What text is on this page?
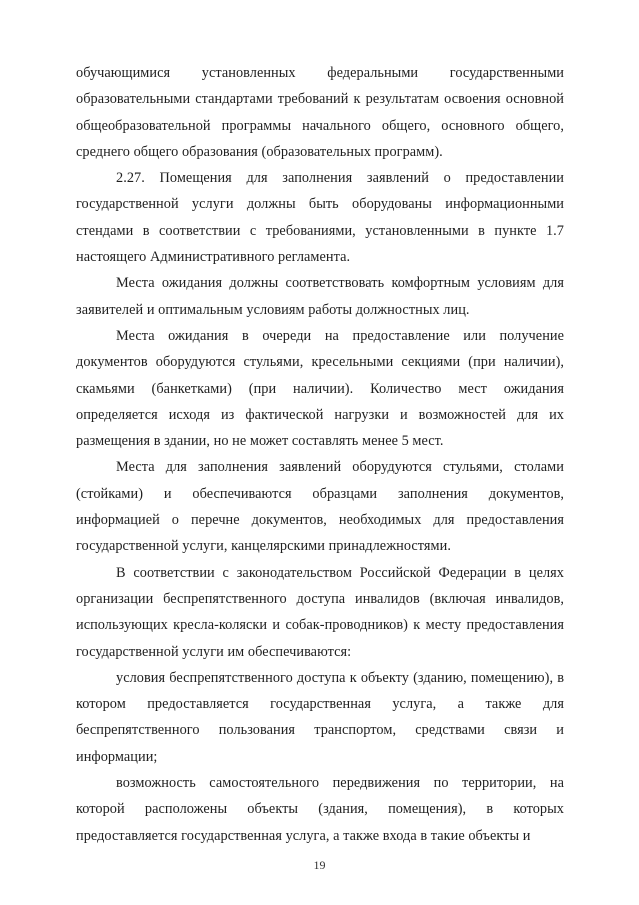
обучающимися установленных федеральными государственными образовательными стандартами требований к результатам освоения основной общеобразовательной программы начального общего, основного общего, среднего общего образования (образовательных программ).

2.27. Помещения для заполнения заявлений о предоставлении государственной услуги должны быть оборудованы информационными стендами в соответствии с требованиями, установленными в пункте 1.7 настоящего Административного регламента.

Места ожидания должны соответствовать комфортным условиям для заявителей и оптимальным условиям работы должностных лиц.

Места ожидания в очереди на предоставление или получение документов оборудуются стульями, кресельными секциями (при наличии), скамьями (банкетками) (при наличии). Количество мест ожидания определяется исходя из фактической нагрузки и возможностей для их размещения в здании, но не может составлять менее 5 мест.

Места для заполнения заявлений оборудуются стульями, столами (стойками) и обеспечиваются образцами заполнения документов, информацией о перечне документов, необходимых для предоставления государственной услуги, канцелярскими принадлежностями.

В соответствии с законодательством Российской Федерации в целях организации беспрепятственного доступа инвалидов (включая инвалидов, использующих кресла-коляски и собак-проводников) к месту предоставления государственной услуги им обеспечиваются:

условия беспрепятственного доступа к объекту (зданию, помещению), в котором предоставляется государственная услуга, а также для беспрепятственного пользования транспортом, средствами связи и информации;

возможность самостоятельного передвижения по территории, на которой расположены объекты (здания, помещения), в которых предоставляется государственная услуга, а также входа в такие объекты и

19
